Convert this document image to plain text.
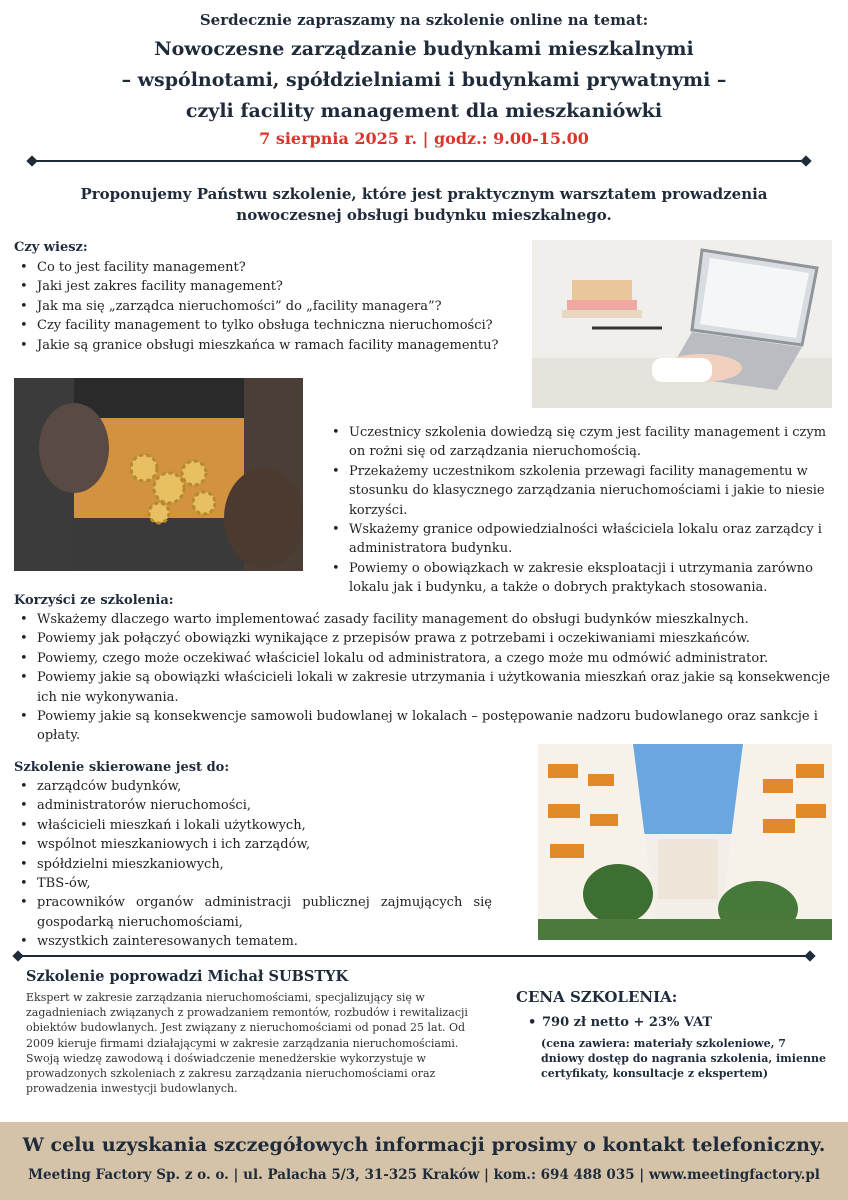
Serdecznie zapraszamy na szkolenie online na temat:
Nowoczesne zarządzanie budynkami mieszkalnymi
– wspólnotami, spółdzielniami i budynkami prywatnymi –
czyli facility management dla mieszkaniówki
7 sierpnia 2025 r. | godz.: 9.00-15.00
Proponujemy Państwu szkolenie, które jest praktycznym warsztatem prowadzenia
nowoczesnej obsługi budynku mieszkalnego.
Czy wiesz:
• Co to jest facility management?
• Jaki jest zakres facility management?
• Jak ma się „zarządca nieruchomości” do „facility managera”?
• Czy facility management to tylko obsługa techniczna nieruchomości?
• Jakie są granice obsługi mieszkańca w ramach facility managementu?
• Uczestnicy szkolenia dowiedzą się czym jest facility management i czym on rożni się od zarządzania nieruchomością.
• Przekażemy uczestnikom szkolenia przewagi facility managementu w stosunku do klasycznego zarządzania nieruchomościami i jakie to niesie korzyści.
• Wskażemy granice odpowiedzialności właściciela lokalu oraz zarządcy i administratora budynku.
• Powiemy o obowiązkach w zakresie eksploatacji i utrzymania zarówno lokalu jak i budynku, a także o dobrych praktykach stosowania.
Korzyści ze szkolenia:
• Wskażemy dlaczego warto implementować zasady facility management do obsługi budynków mieszkalnych.
• Powiemy jak połączyć obowiązki wynikające z przepisów prawa z potrzebami i oczekiwaniami mieszkańców.
• Powiemy, czego może oczekiwać właściciel lokalu od administratora, a czego może mu odmówić administrator.
• Powiemy jakie są obowiązki właścicieli lokali w zakresie utrzymania i użytkowania mieszkań oraz jakie są konsekwencje ich nie wykonywania.
• Powiemy jakie są konsekwencje samowoli budowlanej w lokalach – postępowanie nadzoru budowlanego oraz sankcje i opłaty.
Szkolenie skierowane jest do:
• zarządców budynków,
• administratorów nieruchomości,
• właścicieli mieszkań i lokali użytkowych,
• wspólnot mieszkaniowych i ich zarządów,
• spółdzielni mieszkaniowych,
• TBS-ów,
• pracowników organów administracji publicznej zajmujących się gospodarką nieruchomościami,
• wszystkich zainteresowanych tematem.
Szkolenie poprowadzi Michał SUBSTYK
Ekspert w zakresie zarządzania nieruchomościami, specjalizujący się w zagadnieniach związanych z prowadzaniem remontów, rozbudów i rewitalizacji obiektów budowlanych. Jest związany z nieruchomościami od ponad 25 lat. Od 2009 kieruje firmami działającymi w zakresie zarządzania nieruchomościami. Swoją wiedzę zawodową i doświadczenie menedżerskie wykorzystuje w prowadzonych szkoleniach z zakresu zarządzania nieruchomościami oraz prowadzenia inwestycji budowlanych.
CENA SZKOLENIA:
• 790 zł netto + 23% VAT
(cena zawiera: materiały szkoleniowe, 7 dniowy dostęp do nagrania szkolenia, imienne certyfikaty, konsultacje z ekspertem)
W celu uzyskania szczegółowych informacji prosimy o kontakt telefoniczny.
Meeting Factory Sp. z o. o. | ul. Palacha 5/3, 31-325 Kraków | kom.: 694 488 035 | www.meetingfactory.pl
